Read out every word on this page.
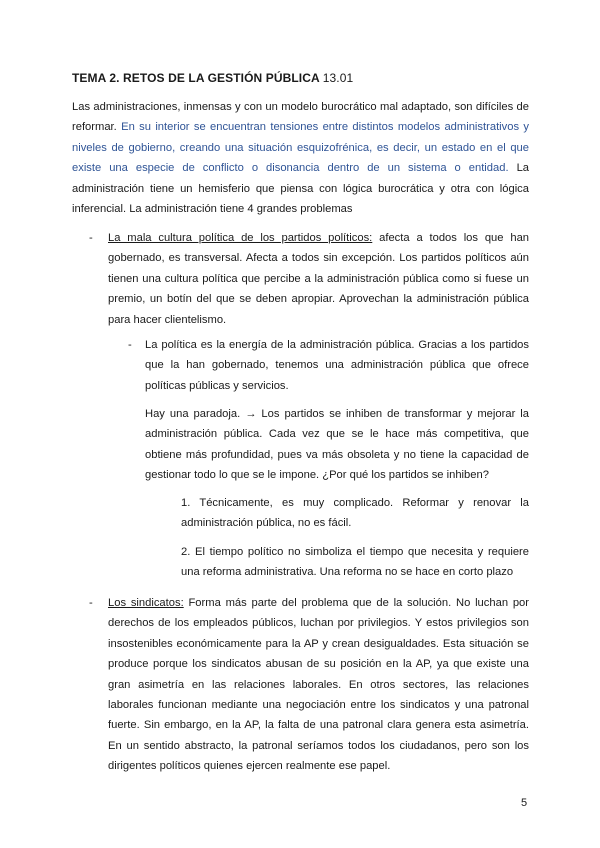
TEMA 2. RETOS DE LA GESTIÓN PÚBLICA 13.01

Las administraciones, inmensas y con un modelo burocrático mal adaptado, son difíciles de reformar. En su interior se encuentran tensiones entre distintos modelos administrativos y niveles de gobierno, creando una situación esquizofrénica, es decir, un estado en el que existe una especie de conflicto o disonancia dentro de un sistema o entidad. La administración tiene un hemisferio que piensa con lógica burocrática y otra con lógica inferencial. La administración tiene 4 grandes problemas

- La mala cultura política de los partidos políticos: afecta a todos los que han gobernado, es transversal. Afecta a todos sin excepción. Los partidos políticos aún tienen una cultura política que percibe a la administración pública como si fuese un premio, un botín del que se deben apropiar. Aprovechan la administración pública para hacer clientelismo.

- La política es la energía de la administración pública. Gracias a los partidos que la han gobernado, tenemos una administración pública que ofrece políticas públicas y servicios.

Hay una paradoja. → Los partidos se inhiben de transformar y mejorar la administración pública. Cada vez que se le hace más competitiva, que obtiene más profundidad, pues va más obsoleta y no tiene la capacidad de gestionar todo lo que se le impone. ¿Por qué los partidos se inhiben?

1. Técnicamente, es muy complicado. Reformar y renovar la administración pública, no es fácil.

2. El tiempo político no simboliza el tiempo que necesita y requiere una reforma administrativa. Una reforma no se hace en corto plazo

- Los sindicatos: Forma más parte del problema que de la solución. No luchan por derechos de los empleados públicos, luchan por privilegios. Y estos privilegios son insostenibles económicamente para la AP y crean desigualdades. Esta situación se produce porque los sindicatos abusan de su posición en la AP, ya que existe una gran asimetría en las relaciones laborales. En otros sectores, las relaciones laborales funcionan mediante una negociación entre los sindicatos y una patronal fuerte. Sin embargo, en la AP, la falta de una patronal clara genera esta asimetría. En un sentido abstracto, la patronal seríamos todos los ciudadanos, pero son los dirigentes políticos quienes ejercen realmente ese papel.

5
